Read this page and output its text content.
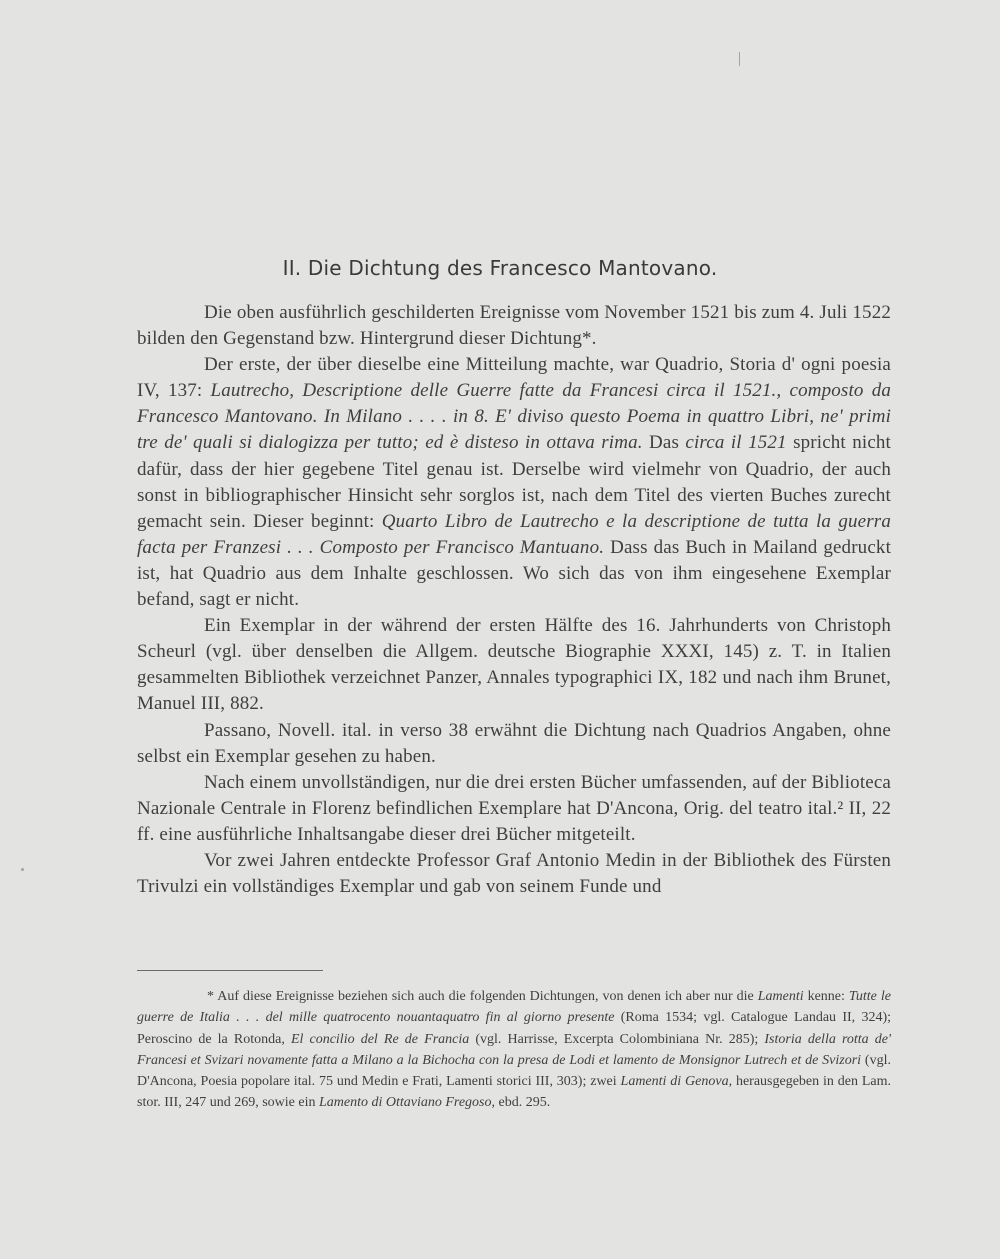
II. Die Dichtung des Francesco Mantovano.

Die oben ausführlich geschilderten Ereignisse vom November 1521 bis zum 4. Juli 1522 bilden den Gegenstand bzw. Hintergrund dieser Dichtung*.

Der erste, der über dieselbe eine Mitteilung machte, war Quadrio, Storia d' ogni poesia IV, 137: Lautrecho, Descriptione delle Guerre fatte da Francesi circa il 1521., composto da Francesco Mantovano. In Milano . . . . in 8. E' diviso questo Poema in quattro Libri, ne' primi tre de' quali si dialogizza per tutto; ed è disteso in ottava rima. Das circa il 1521 spricht nicht dafür, dass der hier gegebene Titel genau ist. Derselbe wird vielmehr von Quadrio, der auch sonst in bibliographischer Hinsicht sehr sorglos ist, nach dem Titel des vierten Buches zurecht gemacht sein. Dieser beginnt: Quarto Libro de Lautrecho e la descriptione de tutta la guerra facta per Franzesi . . . Composto per Francisco Mantuano. Dass das Buch in Mailand gedruckt ist, hat Quadrio aus dem Inhalte geschlossen. Wo sich das von ihm eingesehene Exemplar befand, sagt er nicht.

Ein Exemplar in der während der ersten Hälfte des 16. Jahrhunderts von Christoph Scheurl (vgl. über denselben die Allgem. deutsche Biographie XXXI, 145) z. T. in Italien gesammelten Bibliothek verzeichnet Panzer, Annales typographici IX, 182 und nach ihm Brunet, Manuel III, 882.

Passano, Novell. ital. in verso 38 erwähnt die Dichtung nach Quadrios Angaben, ohne selbst ein Exemplar gesehen zu haben.

Nach einem unvollständigen, nur die drei ersten Bücher umfassenden, auf der Biblioteca Nazionale Centrale in Florenz befindlichen Exemplare hat D'Ancona, Orig. del teatro ital.² II, 22 ff. eine ausführliche Inhaltsangabe dieser drei Bücher mitgeteilt.

Vor zwei Jahren entdeckte Professor Graf Antonio Medin in der Bibliothek des Fürsten Trivulzi ein vollständiges Exemplar und gab von seinem Funde und

* Auf diese Ereignisse beziehen sich auch die folgenden Dichtungen, von denen ich aber nur die Lamenti kenne: Tutte le guerre de Italia . . . del mille quatrocento nouantaquatro fin al giorno presente (Roma 1534; vgl. Catalogue Landau II, 324); Peroscino de la Rotonda, El concilio del Re de Francia (vgl. Harrisse, Excerpta Colombiniana Nr. 285); Istoria della rotta de' Francesi et Svizari novamente fatta a Milano a la Bichocha con la presa de Lodi et lamento de Monsignor Lutrech et de Svizori (vgl. D'Ancona, Poesia popolare ital. 75 und Medin e Frati, Lamenti storici III, 303); zwei Lamenti di Genova, herausgegeben in den Lam. stor. III, 247 und 269, sowie ein Lamento di Ottaviano Fregoso, ebd. 295.
